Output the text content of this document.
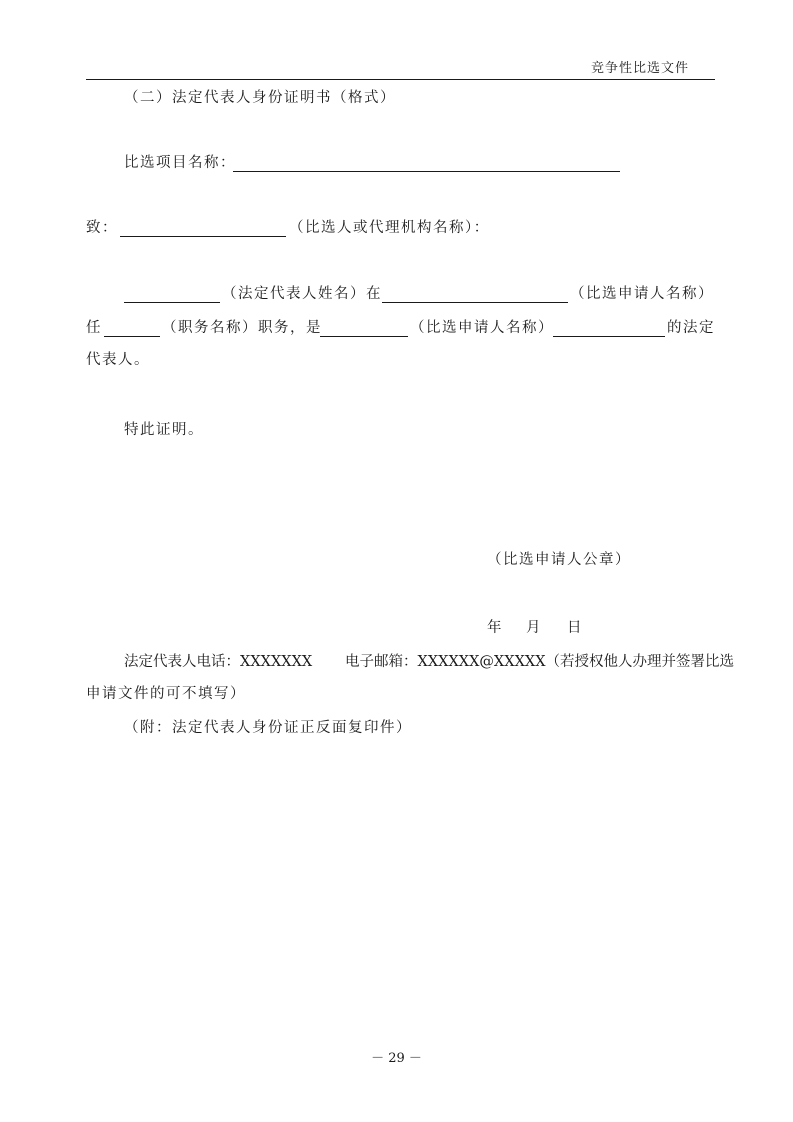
竞争性比选文件
（二）法定代表人身份证明书（格式）
比选项目名称：
致：	（比选人或代理机构名称）：
（法定代表人姓名）在	（比选申请人名称）
任	（职务名称）职务，是	（比选申请人名称）	的法定
代表人。
特此证明。
（比选申请人公章）
年 月 日
法定代表人电话：XXXXXXX 电子邮箱：XXXXXX@XXXXX（若授权他人办理并签署比选
申请文件的可不填写）
（附：法定代表人身份证正反面复印件）
－ 29 －
